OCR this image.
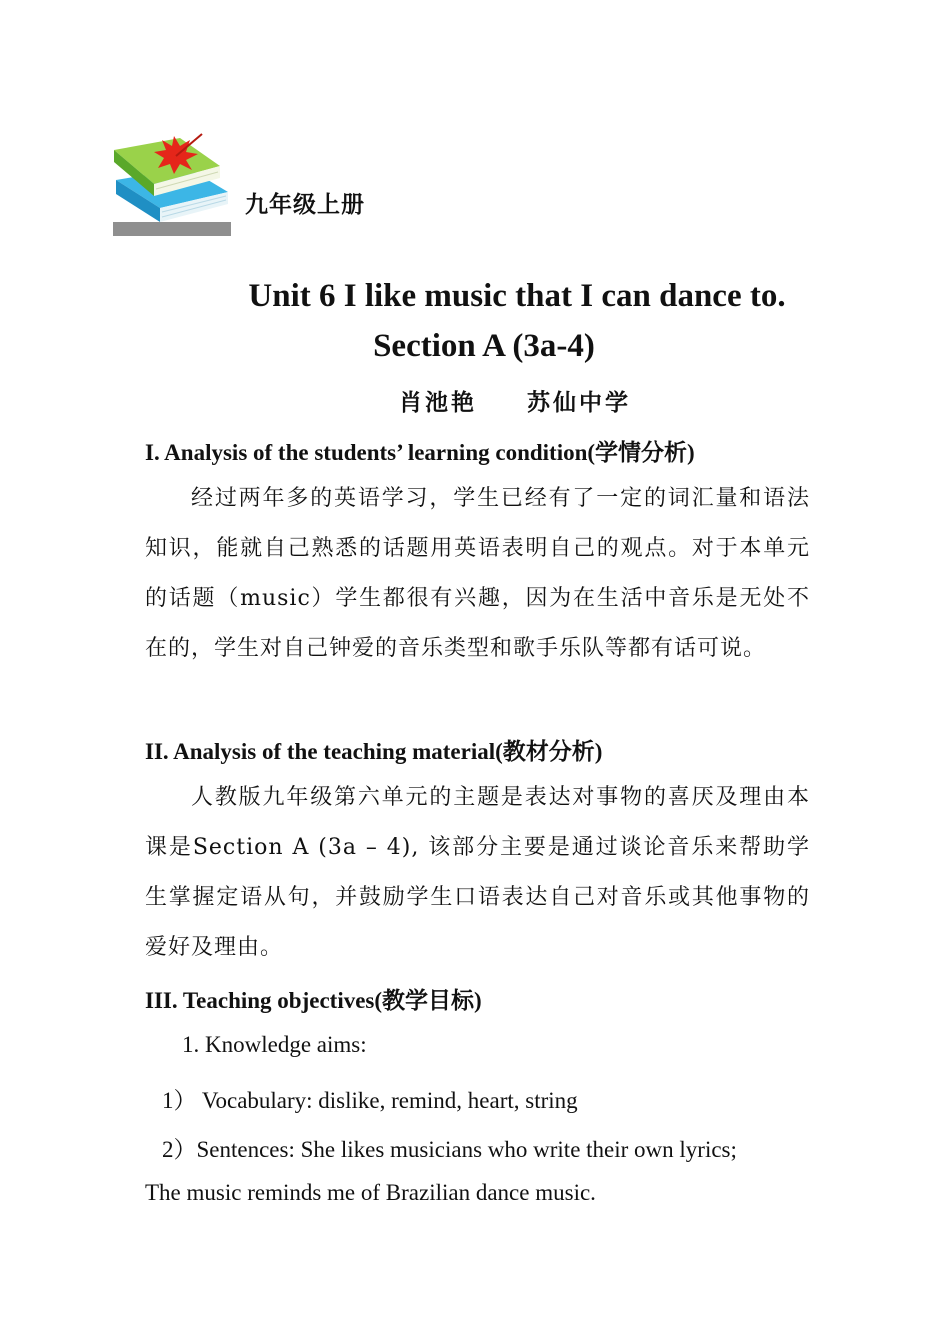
九年级上册
Unit 6 I like music that I can dance to.
Section A (3a-4)
肖池艳 苏仙中学
I. Analysis of the students’ learning condition(学情分析)
经过两年多的英语学习，学生已经有了一定的词汇量和语法知识，能就自己熟悉的话题用英语表明自己的观点。对于本单元的话题（music）学生都很有兴趣，因为在生活中音乐是无处不在的，学生对自己钟爱的音乐类型和歌手乐队等都有话可说。
II. Analysis of the teaching material(教材分析)
人教版九年级第六单元的主题是表达对事物的喜厌及理由本课是Section A (3a – 4), 该部分主要是通过谈论音乐来帮助学生掌握定语从句，并鼓励学生口语表达自己对音乐或其他事物的爱好及理由。
III. Teaching objectives(教学目标)
1. Knowledge aims:
1） Vocabulary: dislike, remind, heart, string
2）Sentences: She likes musicians who write their own lyrics;
The music reminds me of Brazilian dance music.
